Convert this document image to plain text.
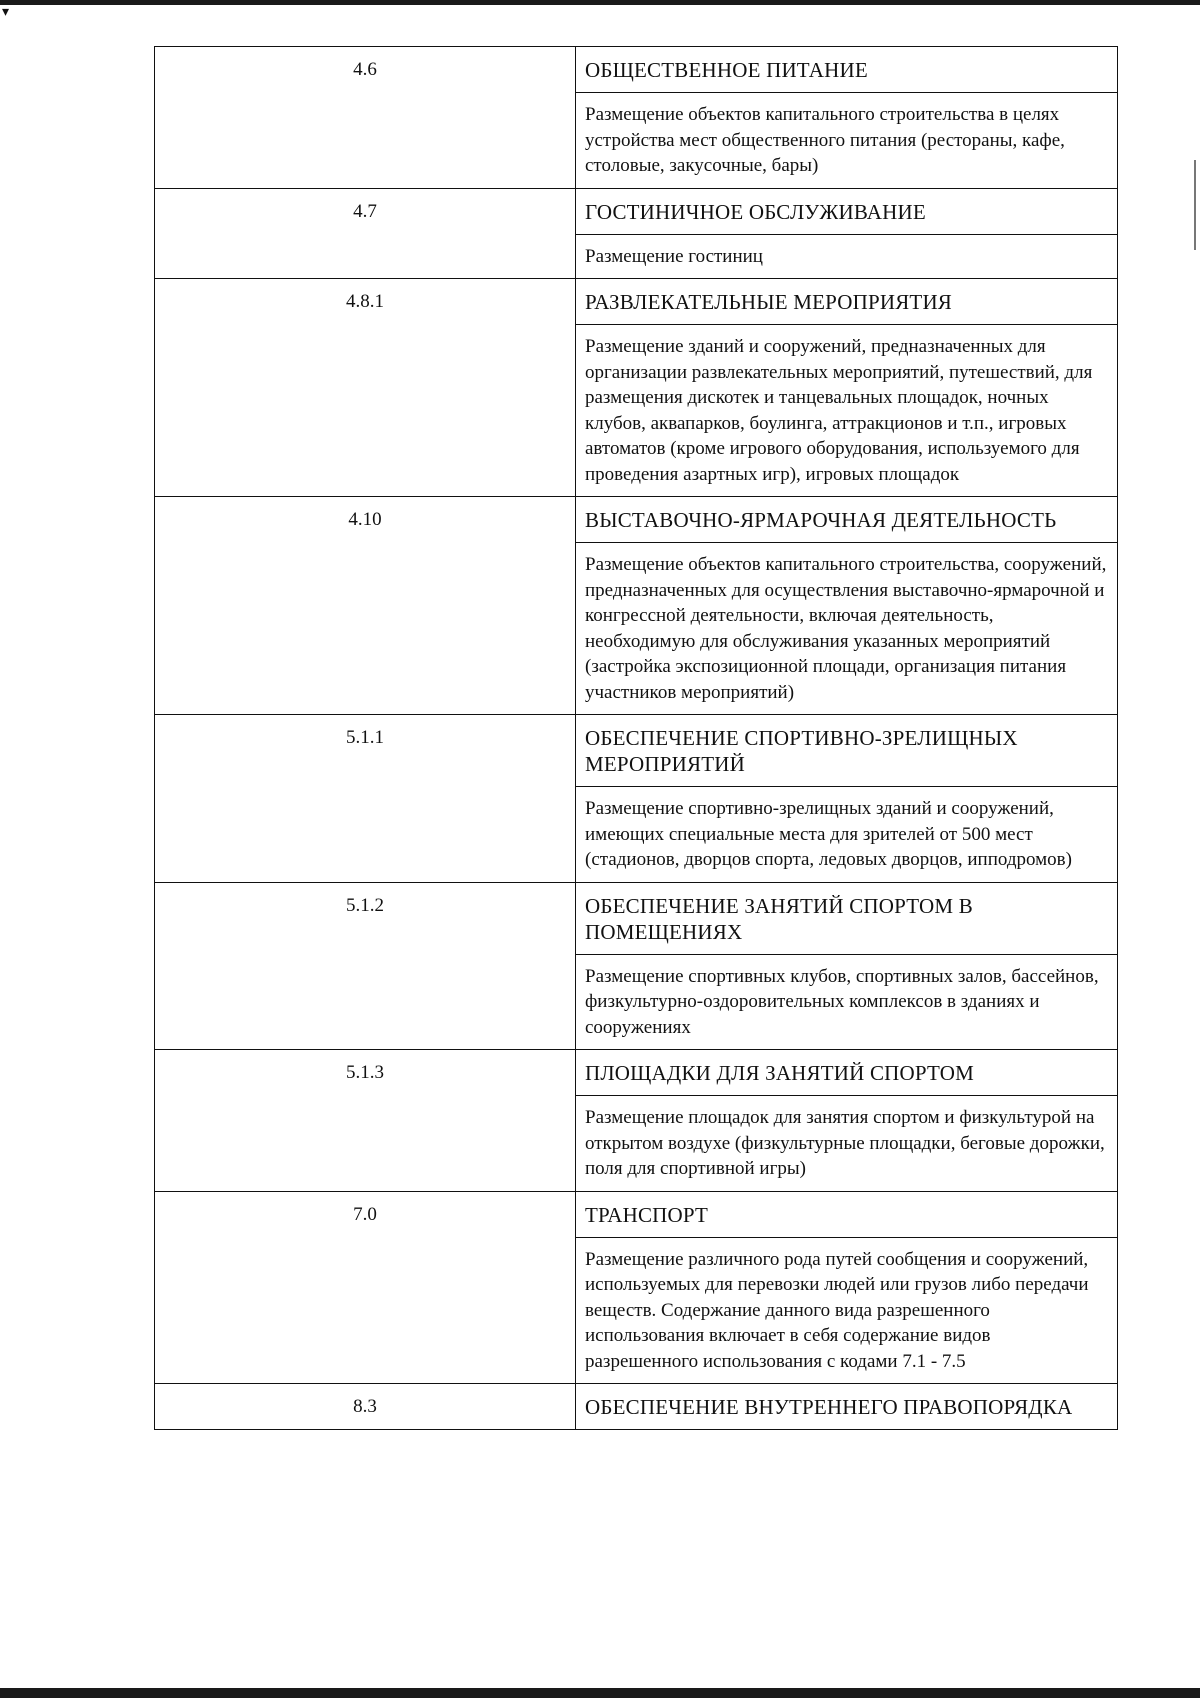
▾
4.6	ОБЩЕСТВЕННОЕ ПИТАНИЕ
Размещение объектов капитального строительства в целях устройства мест общественного питания (рестораны, кафе, столовые, закусочные, бары)
4.7	ГОСТИНИЧНОЕ ОБСЛУЖИВАНИЕ
Размещение гостиниц
4.8.1	РАЗВЛЕКАТЕЛЬНЫЕ МЕРОПРИЯТИЯ
Размещение зданий и сооружений, предназначенных для организации развлекательных мероприятий, путешествий, для размещения дискотек и танцевальных площадок, ночных клубов, аквапарков, боулинга, аттракционов и т.п., игровых автоматов (кроме игрового оборудования, используемого для проведения азартных игр), игровых площадок
4.10	ВЫСТАВОЧНО-ЯРМАРОЧНАЯ ДЕЯТЕЛЬНОСТЬ
Размещение объектов капитального строительства, сооружений, предназначенных для осуществления выставочно-ярмарочной и конгрессной деятельности, включая деятельность, необходимую для обслуживания указанных мероприятий (застройка экспозиционной площади, организация питания участников мероприятий)
5.1.1	ОБЕСПЕЧЕНИЕ СПОРТИВНО-ЗРЕЛИЩНЫХ МЕРОПРИЯТИЙ
Размещение спортивно-зрелищных зданий и сооружений, имеющих специальные места для зрителей от 500 мест (стадионов, дворцов спорта, ледовых дворцов, ипподромов)
5.1.2	ОБЕСПЕЧЕНИЕ ЗАНЯТИЙ СПОРТОМ В ПОМЕЩЕНИЯХ
Размещение спортивных клубов, спортивных залов, бассейнов, физкультурно-оздоровительных комплексов в зданиях и сооружениях
5.1.3	ПЛОЩАДКИ ДЛЯ ЗАНЯТИЙ СПОРТОМ
Размещение площадок для занятия спортом и физкультурой на открытом воздухе (физкультурные площадки, беговые дорожки, поля для спортивной игры)
7.0	ТРАНСПОРТ
Размещение различного рода путей сообщения и сооружений, используемых для перевозки людей или грузов либо передачи веществ. Содержание данного вида разрешенного использования включает в себя содержание видов разрешенного использования с кодами 7.1 - 7.5
8.3	ОБЕСПЕЧЕНИЕ ВНУТРЕННЕГО ПРАВОПОРЯДКА
